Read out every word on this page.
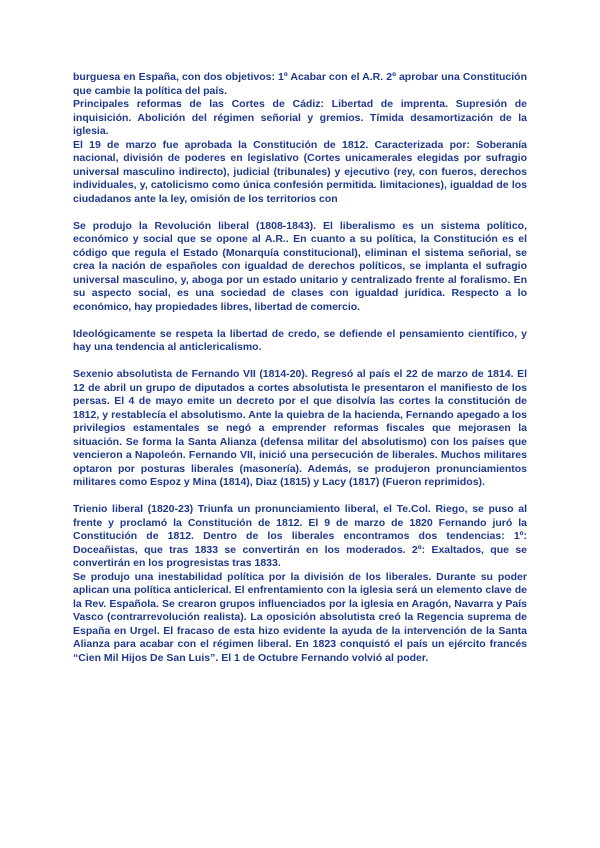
burguesa en España, con dos objetivos: 1º Acabar con el A.R. 2º aprobar una Constitución que cambie la política del país.

Principales reformas de las Cortes de Cádiz: Libertad de imprenta. Supresión de inquisición. Abolición del régimen señorial y gremios. Tímida desamortización de la iglesia.

El 19 de marzo fue aprobada la Constitución de 1812. Caracterizada por: Soberanía nacional, división de poderes en legislativo (Cortes unicamerales elegidas por sufragio universal masculino indirecto), judicial (tribunales) y ejecutivo (rey, con fueros, derechos individuales, y, catolicismo como única confesión permitida. limitaciones), igualdad de los ciudadanos ante la ley, omisión de los territorios con

Se produjo la Revolución liberal (1808-1843). El liberalismo es un sistema político, económico y social que se opone al A.R.. En cuanto a su política, la Constitución es el código que regula el Estado (Monarquía constitucional), eliminan el sistema señorial, se crea la nación de españoles con igualdad de derechos políticos, se implanta el sufragio universal masculino, y, aboga por un estado unitario y centralizado frente al foralismo. En su aspecto social, es una sociedad de clases con igualdad jurídica. Respecto a lo económico, hay propiedades libres, libertad de comercio.

Ideológicamente se respeta la libertad de credo, se defiende el pensamiento científico, y hay una tendencia al anticlericalismo.

Sexenio absolutista de Fernando VII (1814-20). Regresó al país el 22 de marzo de 1814. El 12 de abril un grupo de diputados a cortes absolutista le presentaron el manifiesto de los persas. El 4 de mayo emite un decreto por el que disolvía las cortes la constitución de 1812, y restablecía el absolutismo. Ante la quiebra de la hacienda, Fernando apegado a los privilegios estamentales se negó a emprender reformas fiscales que mejorasen la situación. Se forma la Santa Alianza (defensa militar del absolutismo) con los países que vencieron a Napoleón. Fernando VII, inició una persecución de liberales. Muchos militares optaron por posturas liberales (masonería). Además, se produjeron pronunciamientos militares como Espoz y Mina (1814), Diaz (1815) y Lacy (1817) (Fueron reprimidos).

Trienio liberal (1820-23) Triunfa un pronunciamiento liberal, el Te.Col. Riego, se puso al frente y proclamó la Constitución de 1812. El 9 de marzo de 1820 Fernando juró la Constitución de 1812. Dentro de los liberales encontramos dos tendencias: 1º: Doceañistas, que tras 1833 se convertirán en los moderados. 2º: Exaltados, que se convertirán en los progresistas tras 1833.

Se produjo una inestabilidad política por la división de los liberales. Durante su poder aplican una política anticlerical. El enfrentamiento con la iglesia será un elemento clave de la Rev. Española. Se crearon grupos influenciados por la iglesia en Aragón, Navarra y País Vasco (contrarrevolución realista). La oposición absolutista creó la Regencia suprema de España en Urgel. El fracaso de esta hizo evidente la ayuda de la intervención de la Santa Alianza para acabar con el régimen liberal. En 1823 conquistó el país un ejército francés “Cien Mil Hijos De San Luis”. El 1 de Octubre Fernando volvió al poder.
